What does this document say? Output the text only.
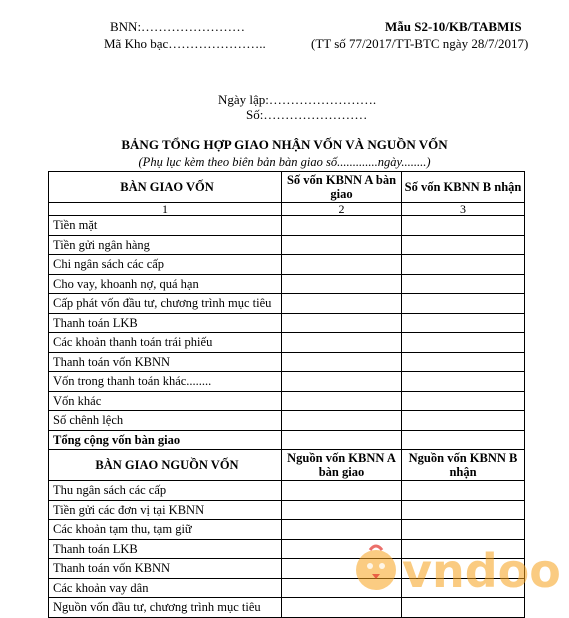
BNN:……………………
Mã Kho bạc…………………..
Mẫu S2-10/KB/TABMIS
(TT số 77/2017/TT-BTC ngày 28/7/2017)
Ngày lập:…………………….
Số:……………………
BẢNG TỔNG HỢP GIAO NHẬN VỐN VÀ NGUỒN VỐN
(Phụ lục kèm theo biên bản bàn giao số.............ngày........)
BÀN GIAO VỐN	Số vốn KBNN A bàn giao	Số vốn KBNN B nhận
1	2	3
Tiền mặt		
Tiền gửi ngân hàng		
Chi ngân sách các cấp		
Cho vay, khoanh nợ, quá hạn		
Cấp phát vốn đầu tư, chương trình mục tiêu		
Thanh toán LKB		
Các khoản thanh toán trái phiếu		
Thanh toán vốn KBNN		
Vốn trong thanh toán khác........		
Vốn khác		
Số chênh lệch		
Tổng cộng vốn bàn giao		
BÀN GIAO NGUỒN VỐN	Nguồn vốn KBNN A bàn giao	Nguồn vốn KBNN B nhận
Thu ngân sách các cấp		
Tiền gửi các đơn vị tại KBNN		
Các khoản tạm thu, tạm giữ		
Thanh toán LKB		
Thanh toán vốn KBNN		
Các khoản vay dân		
Nguồn vốn đầu tư, chương trình mục tiêu		
vndoo
